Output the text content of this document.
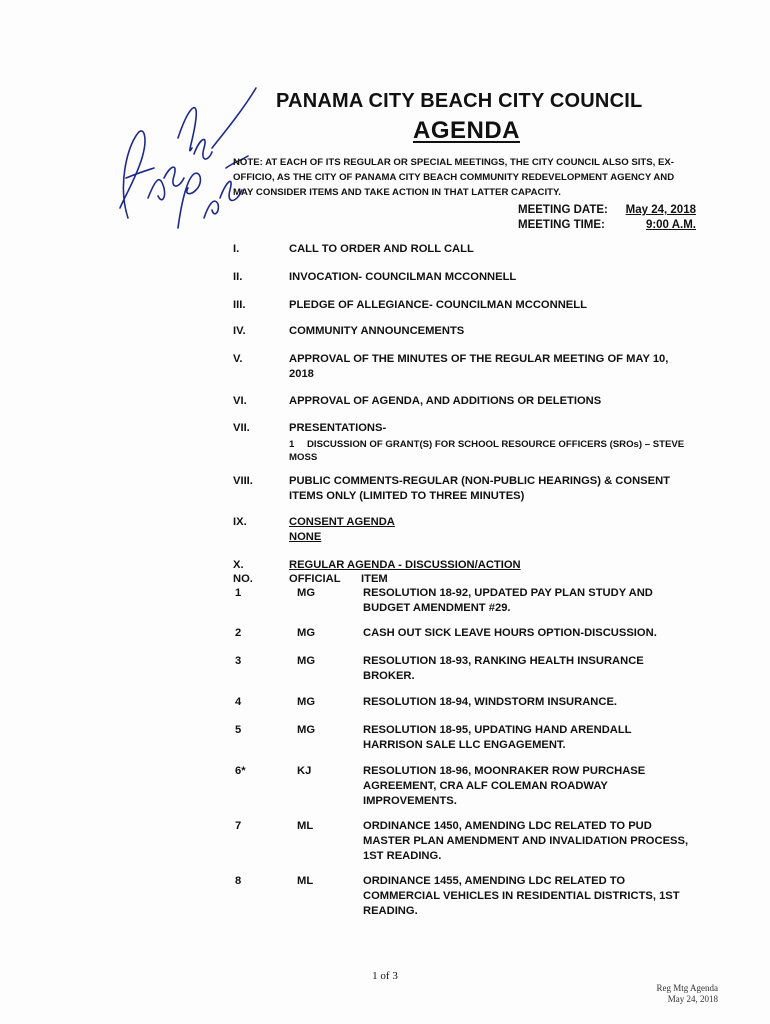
PANAMA CITY BEACH CITY COUNCIL
AGENDA
NOTE: AT EACH OF ITS REGULAR OR SPECIAL MEETINGS, THE CITY COUNCIL ALSO SITS, EX-OFFICIO, AS THE CITY OF PANAMA CITY BEACH COMMUNITY REDEVELOPMENT AGENCY AND MAY CONSIDER ITEMS AND TAKE ACTION IN THAT LATTER CAPACITY.
MEETING DATE: May 24, 2018
MEETING TIME:	9:00 A.M.
I.	CALL TO ORDER AND ROLL CALL
II.	INVOCATION- COUNCILMAN MCCONNELL
III.	PLEDGE OF ALLEGIANCE- COUNCILMAN MCCONNELL
IV.	COMMUNITY ANNOUNCEMENTS
V.	APPROVAL OF THE MINUTES OF THE REGULAR MEETING OF MAY 10, 2018
VI.	APPROVAL OF AGENDA, AND ADDITIONS OR DELETIONS
VII.	PRESENTATIONS-
1 DISCUSSION OF GRANT(S) FOR SCHOOL RESOURCE OFFICERS (SROs) – STEVE MOSS
VIII.	PUBLIC COMMENTS-REGULAR (NON-PUBLIC HEARINGS) & CONSENT ITEMS ONLY (LIMITED TO THREE MINUTES)
IX.	CONSENT AGENDA
NONE
X.	REGULAR AGENDA - DISCUSSION/ACTION
NO.	OFFICIAL	ITEM
1	MG	RESOLUTION 18-92, UPDATED PAY PLAN STUDY AND BUDGET AMENDMENT #29.
2	MG	CASH OUT SICK LEAVE HOURS OPTION-DISCUSSION.
3	MG	RESOLUTION 18-93, RANKING HEALTH INSURANCE BROKER.
4	MG	RESOLUTION 18-94, WINDSTORM INSURANCE.
5	MG	RESOLUTION 18-95, UPDATING HAND ARENDALL HARRISON SALE LLC ENGAGEMENT.
6*	KJ	RESOLUTION 18-96, MOONRAKER ROW PURCHASE AGREEMENT, CRA ALF COLEMAN ROADWAY IMPROVEMENTS.
7	ML	ORDINANCE 1450, AMENDING LDC RELATED TO PUD MASTER PLAN AMENDMENT AND INVALIDATION PROCESS, 1ST READING.
8	ML	ORDINANCE 1455, AMENDING LDC RELATED TO COMMERCIAL VEHICLES IN RESIDENTIAL DISTRICTS, 1ST READING.
1 of 3
Reg Mtg Agenda
May 24, 2018
